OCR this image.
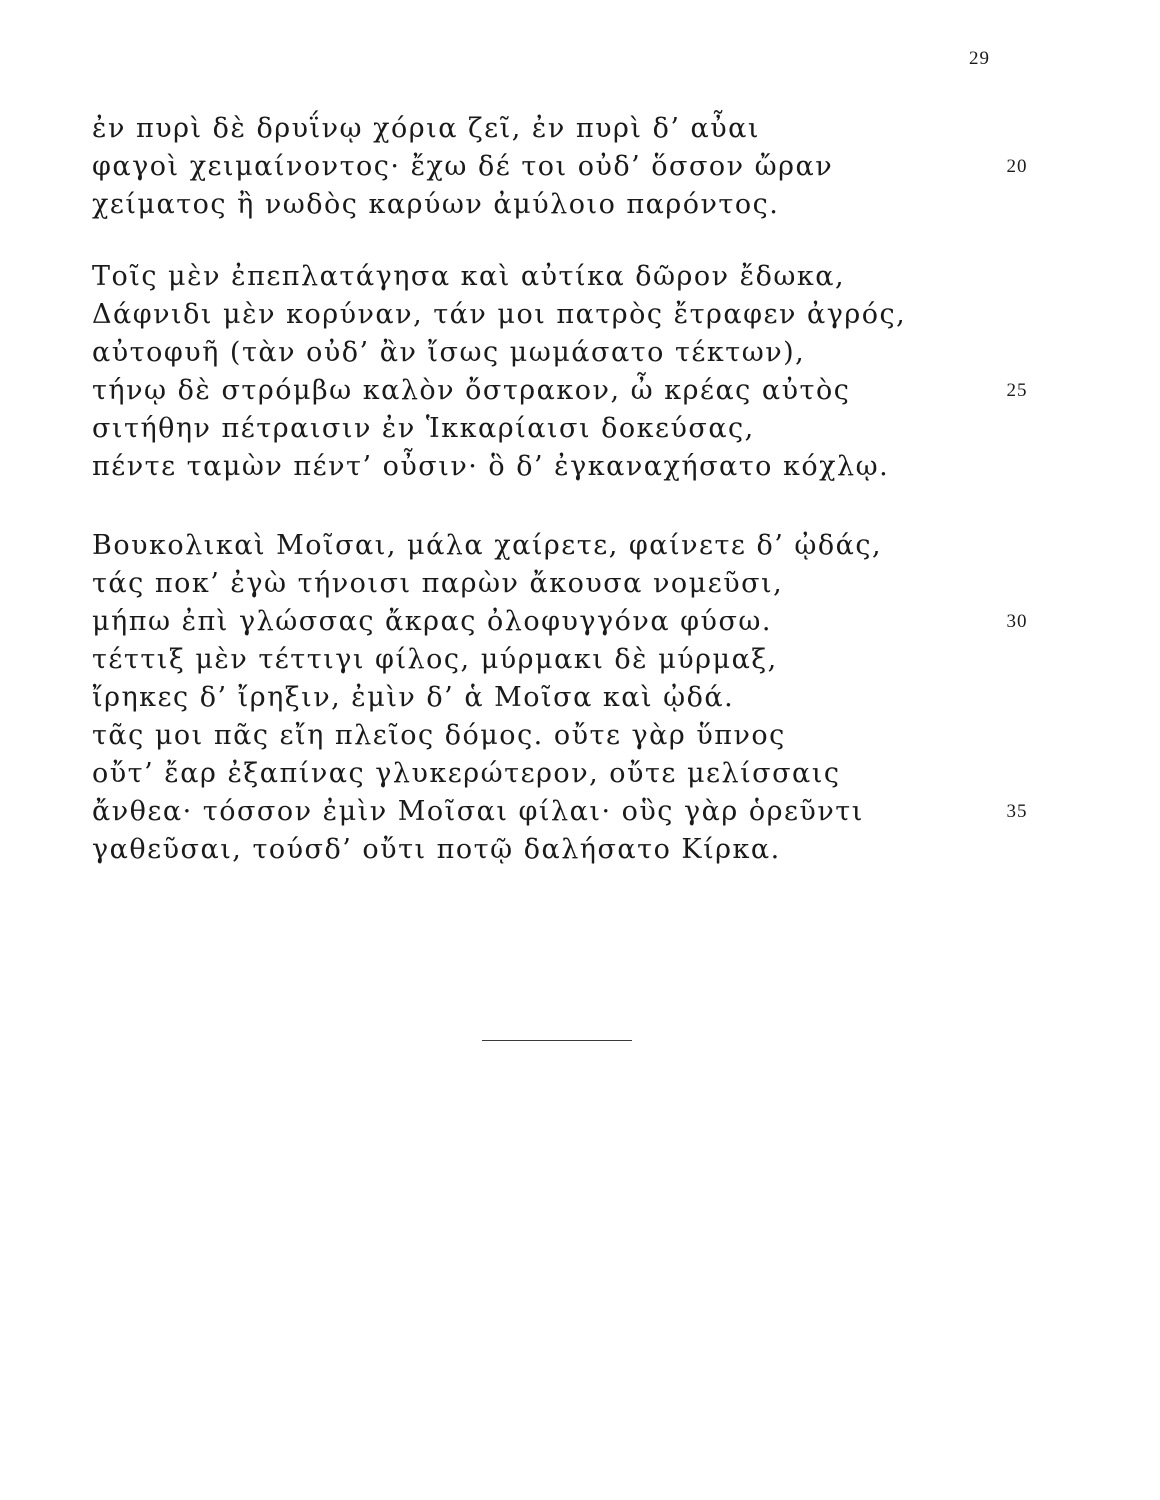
29
ἐν πυρὶ δὲ δρυΐνῳ χόρια ζεῖ, ἐν πυρὶ δ’ αὖαι
φαγοὶ χειμαίνοντος· ἔχω δέ τοι οὐδ’ ὅσσον ὤραν	20
χείματος ἢ νωδὸς καρύων ἀμύλοιο παρόντος.
Τοῖς μὲν ἐπεπλατάγησα καὶ αὐτίκα δῶρον ἔδωκα,
Δάφνιδι μὲν κορύναν, τάν μοι πατρὸς ἔτραφεν ἀγρός,
αὐτοφυῆ (τὰν οὐδ’ ἂν ἴσως μωμάσατο τέκτων),
τήνῳ δὲ στρόμβω καλὸν ὄστρακον, ὦ κρέας αὐτὸς	25
σιτήθην πέτραισιν ἐν Ἱκκαρίαισι δοκεύσας,
πέντε ταμὼν πέντ’ οὖσιν· ὃ δ’ ἐγκαναχήσατο κόχλῳ.
Βουκολικαὶ Μοῖσαι, μάλα χαίρετε, φαίνετε δ’ ᾠδάς,
τάς ποκ’ ἐγὼ τήνοισι παρὼν ἄκουσα νομεῦσι,
μήπω ἐπὶ γλώσσας ἄκρας ὀλοφυγγόνα φύσω.	30
τέττιξ μὲν τέττιγι φίλος, μύρμακι δὲ μύρμαξ,
ἴρηκες δ’ ἴρηξιν, ἐμὶν δ’ ἁ Μοῖσα καὶ ᾠδά.
τᾶς μοι πᾶς εἴη πλεῖος δόμος. οὔτε γὰρ ὕπνος
οὔτ’ ἔαρ ἐξαπίνας γλυκερώτερον, οὔτε μελίσσαις
ἄνθεα· τόσσον ἐμὶν Μοῖσαι φίλαι· οὓς γὰρ ὁρεῦντι	35
γαθεῦσαι, τούσδ’ οὔτι ποτῷ δαλήσατο Κίρκα.
